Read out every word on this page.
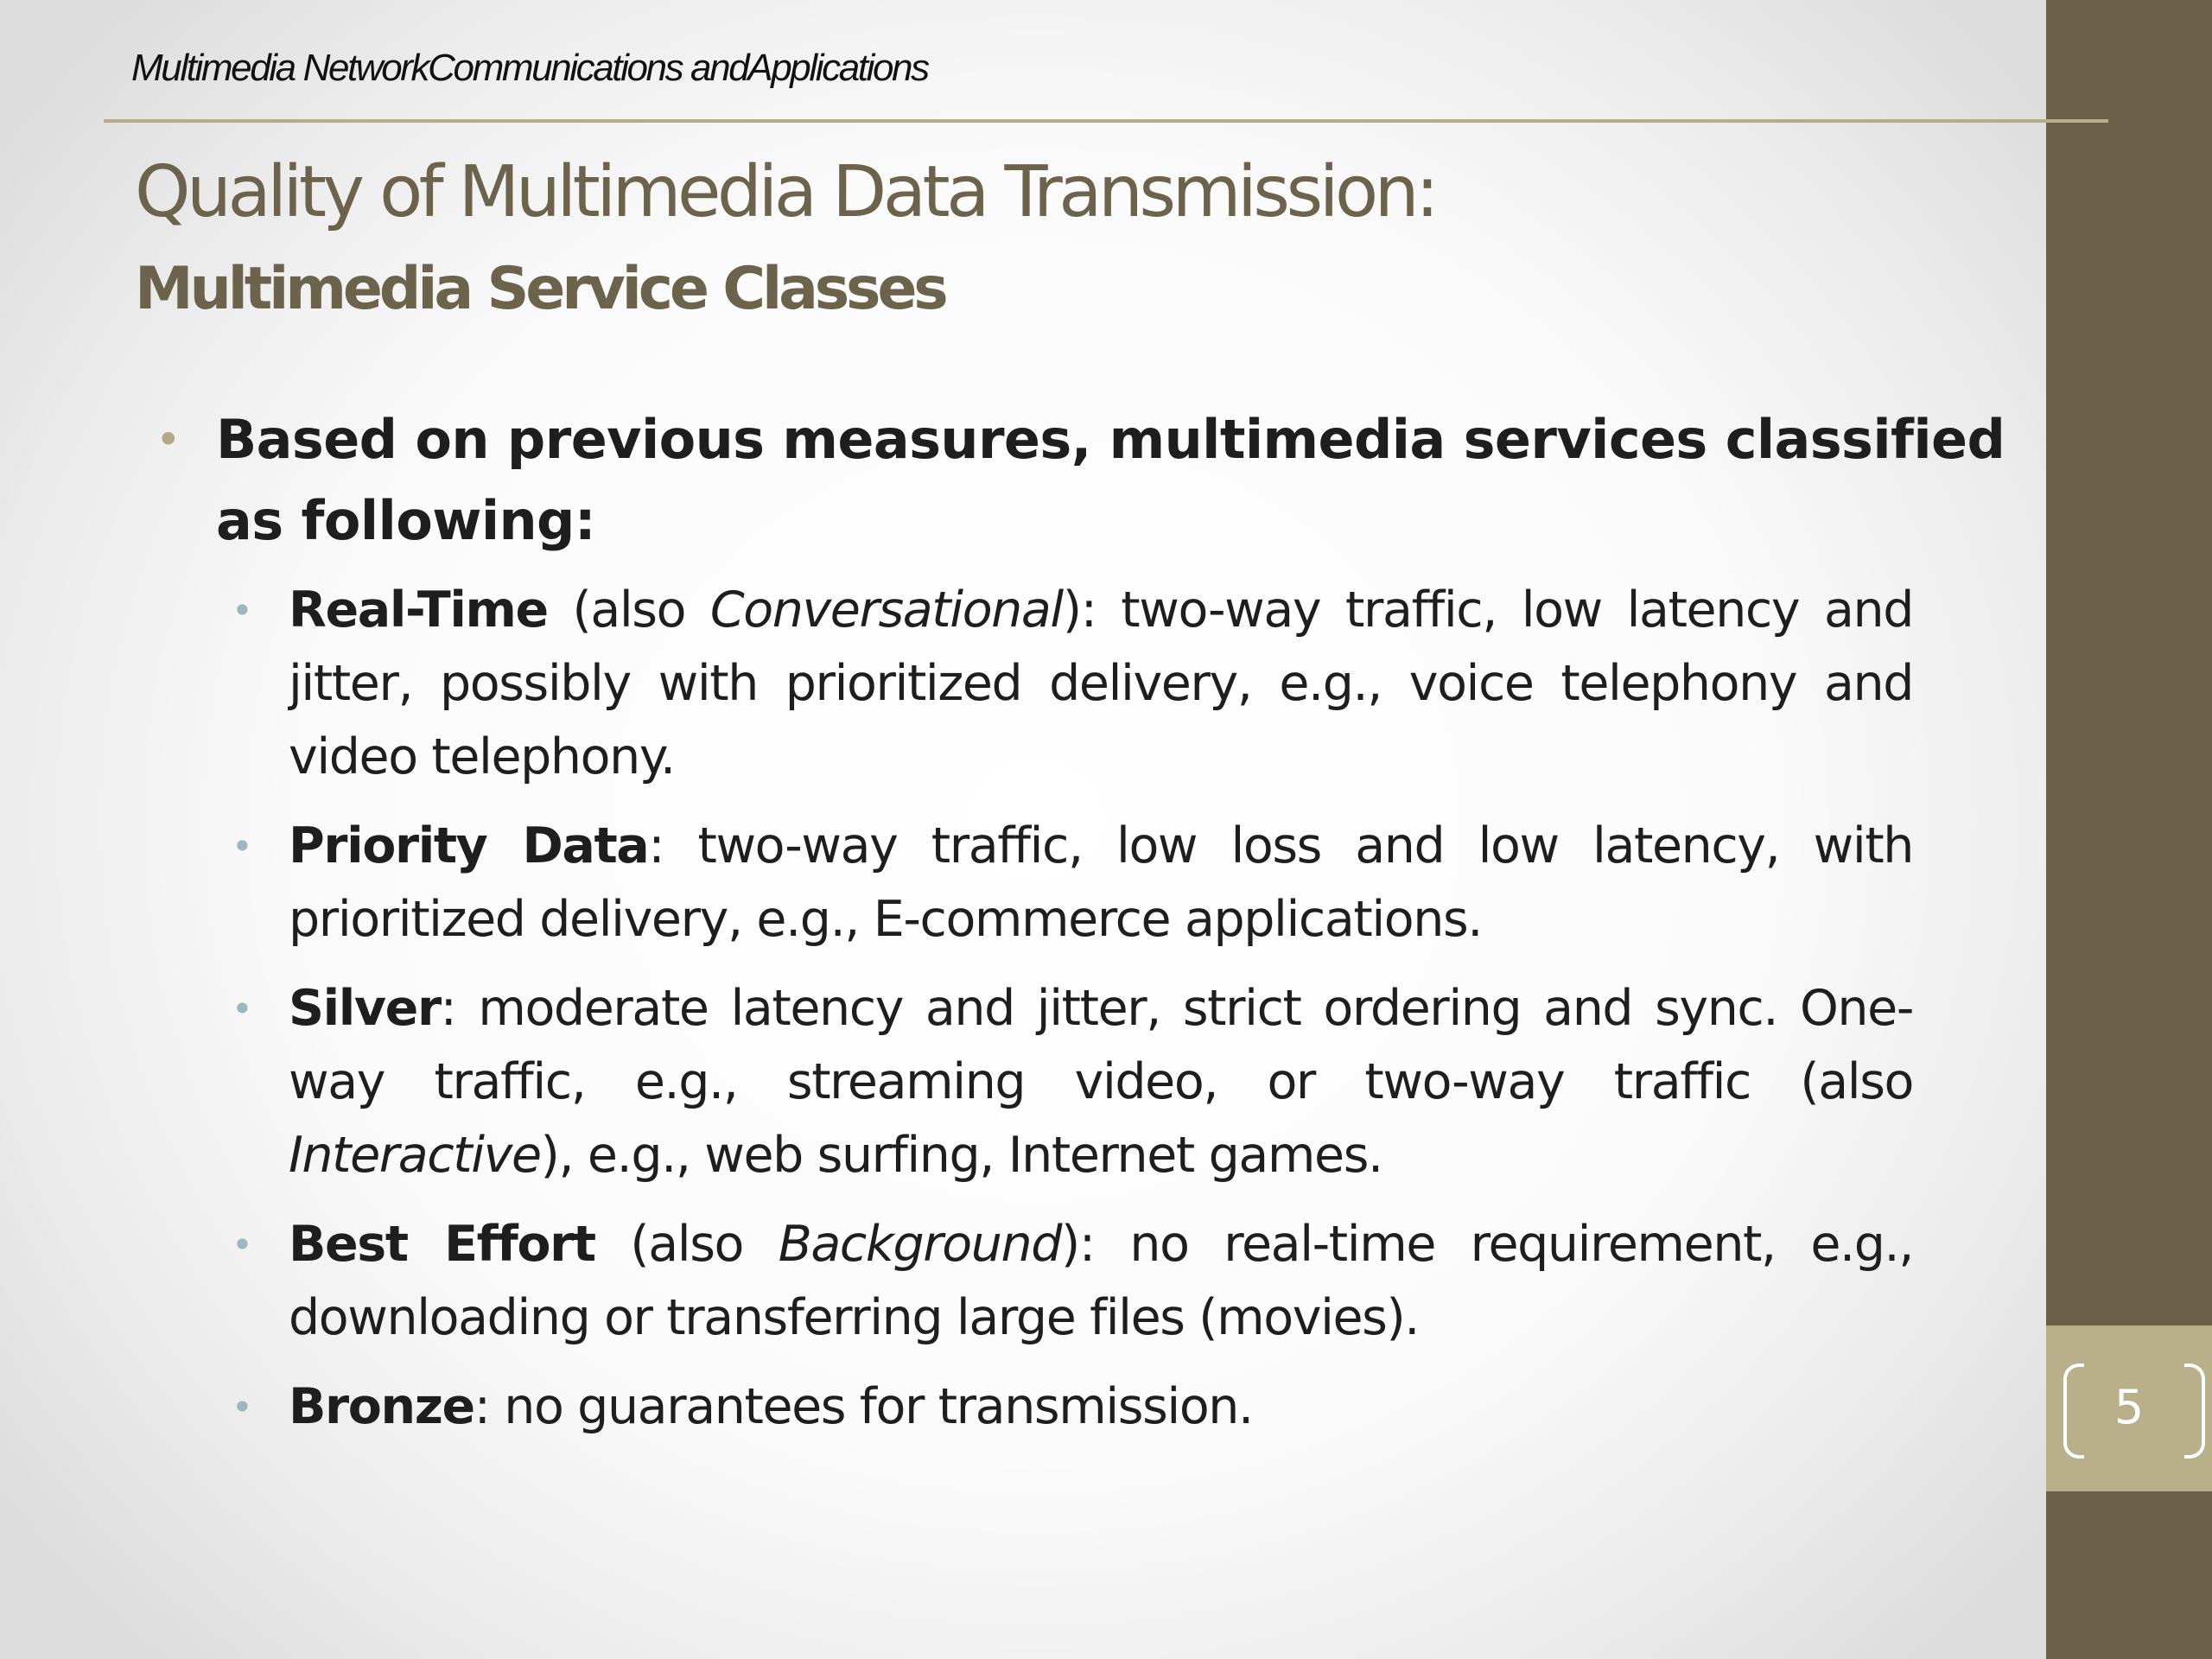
5
Multimedia NetworkCommunications andApplications
Quality of Multimedia Data Transmission:
Multimedia Service Classes
• Based on previous measures, multimedia services classified as following:
• Real-Time (also Conversational): two-way traffic, low latency and jitter, possibly with prioritized delivery, e.g., voice telephony and video telephony.
• Priority Data: two-way traffic, low loss and low latency, with prioritized delivery, e.g., E-commerce applications.
• Silver: moderate latency and jitter, strict ordering and sync. One-way traffic, e.g., streaming video, or two-way traffic (also Interactive), e.g., web surfing, Internet games.
• Best Effort (also Background): no real-time requirement, e.g., downloading or transferring large files (movies).
• Bronze: no guarantees for transmission.
